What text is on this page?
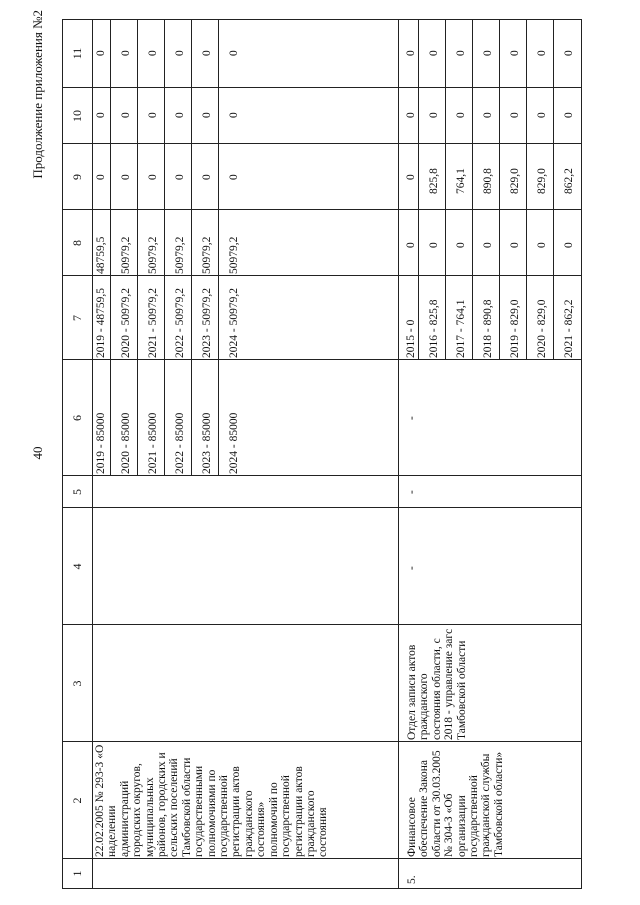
40
Продолжение приложения №2
1
2
3
4
5
6
7
8
9
10
11
22.02.2005 № 293-З «О наделении администраций городских округов, муниципальных районов, городских и сельских поселений Тамбовской области государственными полномочиями по государственной регистрации актов гражданского состояния» полномочий по государственной регистрации актов гражданского состояния
2019 - 85000
2019 - 48759,5
48759,5
0
0
0
2020 - 85000
2020 - 50979,2
50979,2
0
0
0
2021 - 85000
2021 - 50979,2
50979,2
0
0
0
2022 - 85000
2022 - 50979,2
50979,2
0
0
0
2023 - 85000
2023 - 50979,2
50979,2
0
0
0
2024 - 85000
2024 - 50979,2
50979,2
0
0
0
5.
Финансовое обеспечение Закона области от 30.03.2005 № 304-З «Об организации государственной гражданской службы Тамбовской области»
Отдел записи актов гражданского состояния области, с 2018 - управление загс Тамбовской области
-
-
-
2015 - 0
0
0
0
0
2016 - 825,8
0
825,8
0
0
2017 - 764,1
0
764,1
0
0
2018 - 890,8
0
890,8
0
0
2019 - 829,0
0
829,0
0
0
2020 - 829,0
0
829,0
0
0
2021 - 862,2
0
862,2
0
0
